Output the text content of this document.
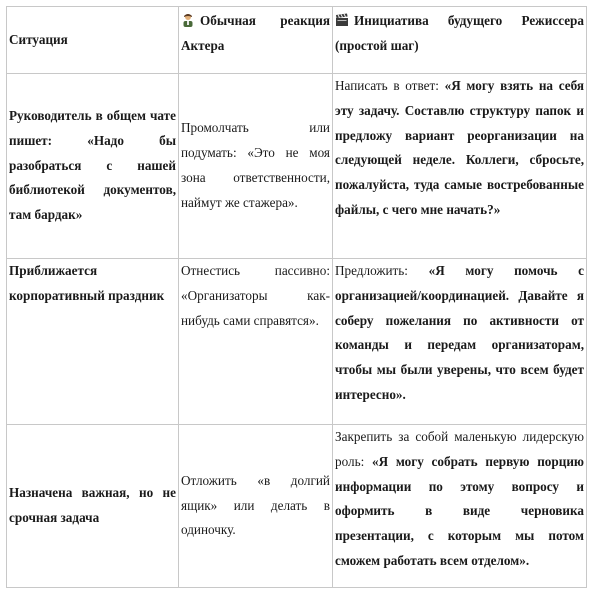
Ситуация	Обычная реакция Актера	Инициатива будущего Режиссера (простой шаг)
Руководитель в общем чате пишет: «Надо бы разобраться с нашей библиотекой документов, там бардак»	Промолчать или подумать: «Это не моя зона ответственности, наймут же стажера».	Написать в ответ: «Я могу взять на себя эту задачу. Составлю структуру папок и предложу вариант реорганизации на следующей неделе. Коллеги, сбросьте, пожалуйста, туда самые востребованные файлы, с чего мне начать?»
Приближается корпоративный праздник	Отнестись пассивно: «Организаторы как-нибудь сами справятся».	Предложить: «Я могу помочь с организацией/координацией. Давайте я соберу пожелания по активности от команды и передам организаторам, чтобы мы были уверены, что всем будет интересно».
Назначена важная, но не срочная задача	Отложить «в долгий ящик» или делать в одиночку.	Закрепить за собой маленькую лидерскую роль: «Я могу собрать первую порцию информации по этому вопросу и оформить в виде черновика презентации, с которым мы потом сможем работать всем отделом».
